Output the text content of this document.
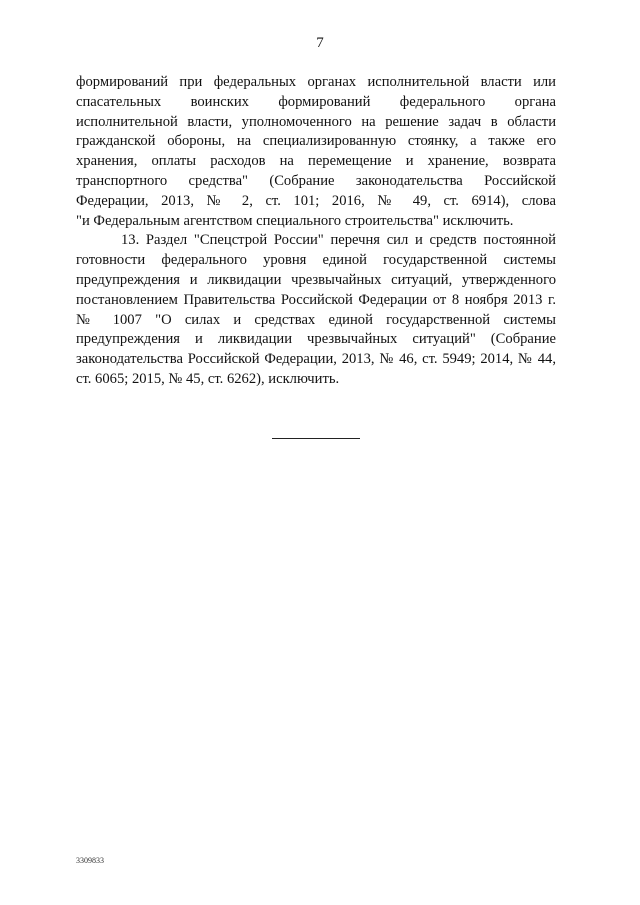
7
формирований при федеральных органах исполнительной власти или
спасательных воинских формирований федерального органа
исполнительной власти, уполномоченного на решение задач в области
гражданской обороны, на специализированную стоянку, а также его
хранения, оплаты расходов на перемещение и хранение, возврата
транспортного средства" (Собрание законодательства Российской
Федерации, 2013, № 2, ст. 101; 2016, № 49, ст. 6914), слова
"и Федеральным агентством специального строительства" исключить.
13. Раздел "Спецстрой России" перечня сил и средств постоянной
готовности федерального уровня единой государственной системы
предупреждения и ликвидации чрезвычайных ситуаций, утвержденного
постановлением Правительства Российской Федерации от 8 ноября 2013 г.
№ 1007 "О силах и средствах единой государственной системы
предупреждения и ликвидации чрезвычайных ситуаций" (Собрание
законодательства Российской Федерации, 2013, № 46, ст. 5949; 2014, № 44,
ст. 6065; 2015, № 45, ст. 6262), исключить.
3309833
